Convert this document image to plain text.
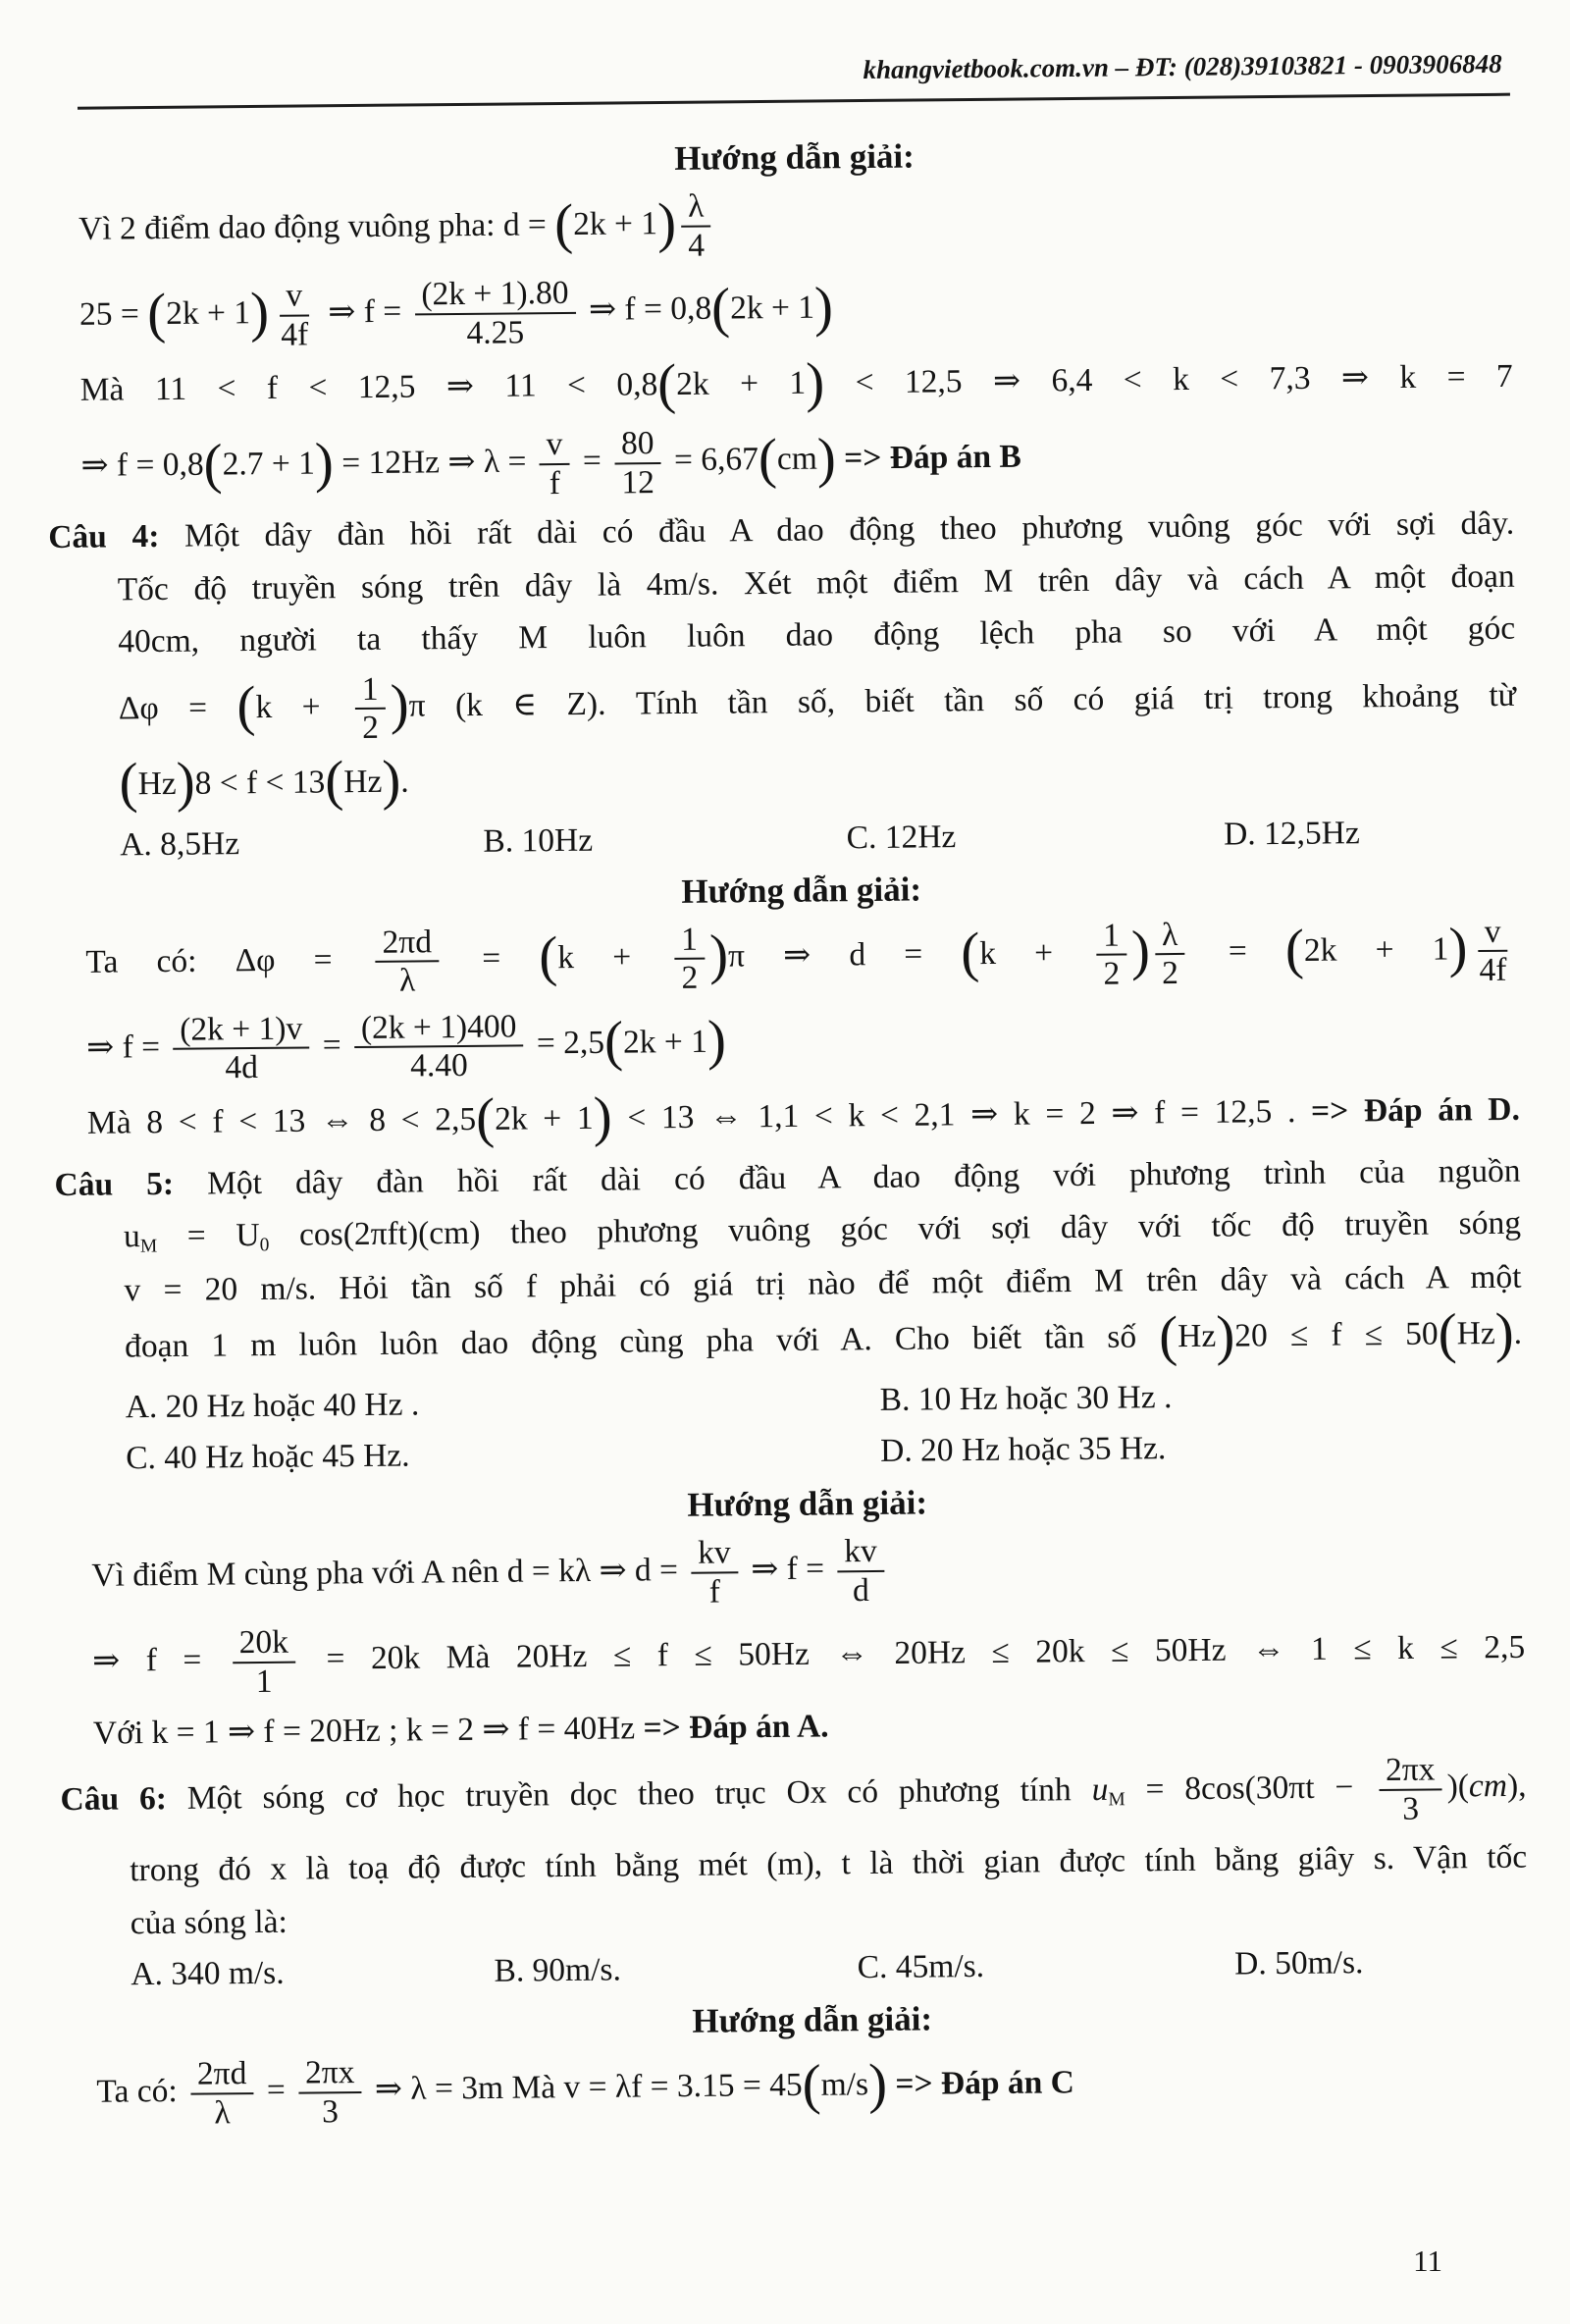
khangvietbook.com.vn – ĐT: (028)39103821 - 0903906848
Hướng dẫn giải:
Vì 2 điểm dao động vuông pha: $d = (2k + 1) \frac{\lambda}{4}$
$25 = (2k + 1) \frac{v}{4f}$ ⇒ $f = \frac{(2k + 1).80}{4.25}$ ⇒ f = 0,8(2k + 1)
Mà 11 < f < 12,5 ⇒ 11 < 0,8(2k + 1) < 12,5 ⇒ 6,4 < k < 7,3 ⇒ k = 7
⇒ f = 0,8(2.7 + 1) = 12Hz ⇒ $\lambda = \frac{v}{f} = \frac{80}{12} = 6,67(cm)$ => Đáp án B
Câu 4: Một dây đàn hồi rất dài có đầu A dao động theo phương vuông góc với sợi dây.
Tốc độ truyền sóng trên dây là 4m/s. Xét một điểm M trên dây và cách A một đoạn
40cm, người ta thấy M luôn luôn dao động lệch pha so với A một góc
$\Delta\varphi = (k + \frac{1}{2} )\pi$ (k ∈ Z). Tính tần số, biết tần số có giá trị trong khoảng từ
(Hz)8 < f < 13(Hz).
A. 8,5Hz	B. 10Hz	C. 12Hz	D. 12,5Hz
Hướng dẫn giải:
Ta có: $\Delta\varphi = \frac{2\pi d}{\lambda} = (k + \frac{1}{2} )\pi$ ⇒ $d = (k + \frac{1}{2}$ ) $\frac{\lambda}{2} = (2k + 1) \frac{v}{4f}$
⇒ $f = \frac{(2k + 1)v}{4d} = \frac{(2k + 1)400}{4.40} = 2,5(2k + 1)$
Mà 8 < f < 13 ⇔ 8 < 2,5(2k + 1) < 13 ⇔ 1,1 < k < 2,1 ⇒ k = 2 ⇒ f = 12,5 . => Đáp án D.
Câu 5: Một dây đàn hồi rất dài có đầu A dao động với phương trình của nguồn
$u_M = U_0$ cos(2πft)(cm) theo phương vuông góc với sợi dây với tốc độ truyền sóng
v = 20 m/s. Hỏi tần số f phải có giá trị nào để một điểm M trên dây và cách A một
đoạn 1 m luôn luôn dao động cùng pha với A. Cho biết tần số (Hz)20 ≤ f ≤ 50(Hz).
A. 20 Hz hoặc 40 Hz .	B. 10 Hz hoặc 30 Hz .
C. 40 Hz hoặc 45 Hz.	D. 20 Hz hoặc 35 Hz.
Hướng dẫn giải:
Vì điểm M cùng pha với A nên d = kλ ⇒ $d = \frac{kv}{f}$ ⇒ $f = \frac{kv}{d}$
⇒ $f = \frac{20k}{1} = 20k$ Mà 20Hz ≤ f ≤ 50Hz ⇔ 20Hz ≤ 20k ≤ 50Hz ⇔ 1 ≤ k ≤ 2,5
Với k = 1 ⇒ f = 20Hz ; k = 2 ⇒ f = 40Hz => Đáp án A.
Câu 6: Một sóng cơ học truyền dọc theo trục Ox có phương tính $u_M = 8\cos(30\pi t - \frac{2\pi x}{3} )(cm)$,
trong đó x là toạ độ được tính bằng mét (m), t là thời gian được tính bằng giây s. Vận tốc
của sóng là:
A. 340 m/s.	B. 90m/s.	C. 45m/s.	D. 50m/s.
Hướng dẫn giải:
Ta có: $\frac{2\pi d}{\lambda} = \frac{2\pi x}{3}$ ⇒ λ = 3m Mà v = λf = 3.15 = 45(m/s) => Đáp án C
11
